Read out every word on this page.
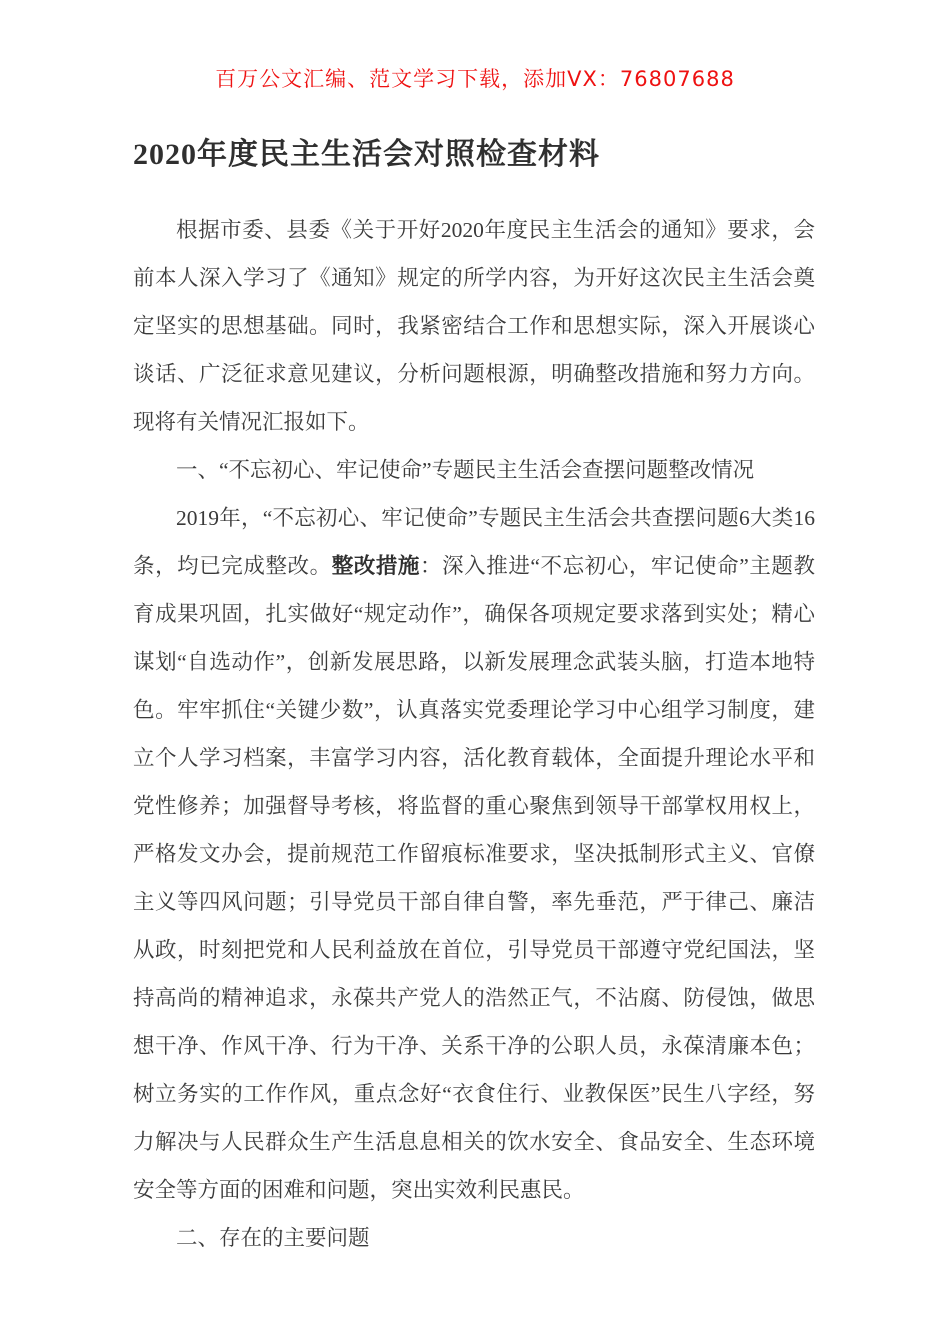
百万公文汇编、范文学习下载，添加VX：76807688
2020年度民主生活会对照检查材料

根据市委、县委《关于开好2020年度民主生活会的通知》要求，会前本人深入学习了《通知》规定的所学内容，为开好这次民主生活会奠定坚实的思想基础。同时，我紧密结合工作和思想实际，深入开展谈心谈话、广泛征求意见建议，分析问题根源，明确整改措施和努力方向。现将有关情况汇报如下。

一、“不忘初心、牢记使命”专题民主生活会查摆问题整改情况

2019年，“不忘初心、牢记使命”专题民主生活会共查摆问题6大类16条，均已完成整改。整改措施：深入推进“不忘初心，牢记使命”主题教育成果巩固，扎实做好“规定动作”，确保各项规定要求落到实处；精心谋划“自选动作”，创新发展思路，以新发展理念武装头脑，打造本地特色。牢牢抓住“关键少数”，认真落实党委理论学习中心组学习制度，建立个人学习档案，丰富学习内容，活化教育载体，全面提升理论水平和党性修养；加强督导考核，将监督的重心聚焦到领导干部掌权用权上，严格发文办会，提前规范工作留痕标准要求，坚决抵制形式主义、官僚主义等四风问题；引导党员干部自律自警，率先垂范，严于律己、廉洁从政，时刻把党和人民利益放在首位，引导党员干部遵守党纪国法，坚持高尚的精神追求，永葆共产党人的浩然正气，不沾腐、防侵蚀，做思想干净、作风干净、行为干净、关系干净的公职人员，永葆清廉本色；树立务实的工作作风，重点念好“衣食住行、业教保医”民生八字经，努力解决与人民群众生产生活息息相关的饮水安全、食品安全、生态环境安全等方面的困难和问题，突出实效利民惠民。

二、存在的主要问题
